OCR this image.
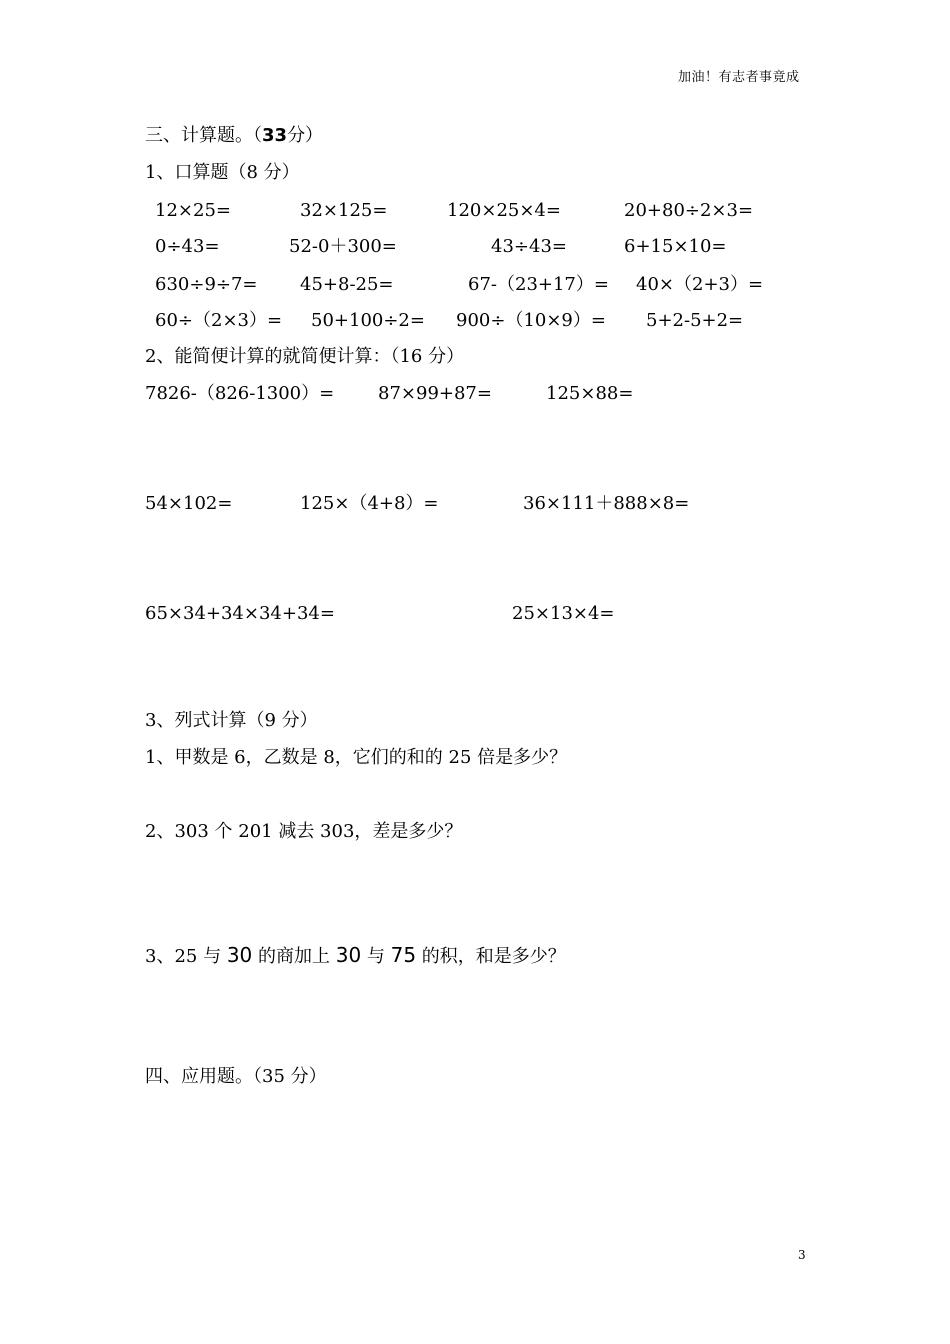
加油！有志者事竟成
三、计算题。（33分）
1、口算题（8 分）
12×25=	32×125=	120×25×4=	20+80÷2×3=
0÷43=	52-0＋300=	43÷43=	6+15×10=
630÷9÷7= 45+8-25=	67-（23+17）= 40×（2+3）=
60÷（2×3）= 50+100÷2= 900÷（10×9）= 5+2-5+2=
2、能简便计算的就简便计算：（16 分）
7826-（826-1300）= 87×99+87=	125×88=
54×102=	125×（4+8）=	36×111＋888×8=
65×34+34×34+34=	25×13×4=
3、列式计算（9 分）
1、甲数是 6，乙数是 8，它们的和的 25 倍是多少？
2、303 个 201 减去 303，差是多少？
3、25 与 30 的商加上 30 与 75 的积，和是多少？
四、应用题。（35 分）
3
